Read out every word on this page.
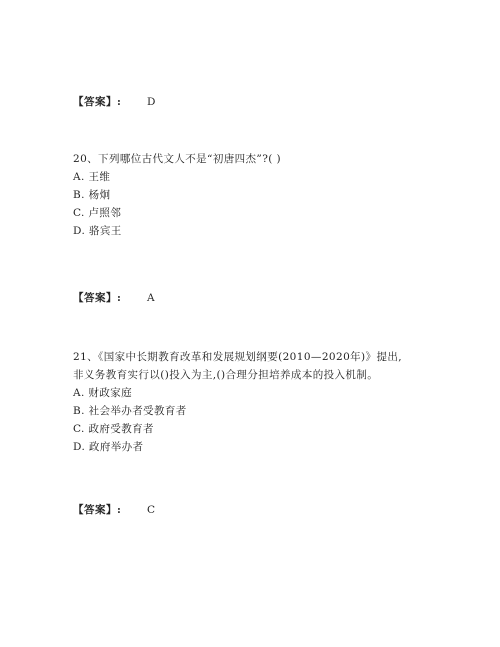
【答案】: D
20、下列哪位古代文人不是“初唐四杰”?( )
A. 王维
B. 杨炯
C. 卢照邻
D. 骆宾王
【答案】: A
21、《国家中长期教育改革和发展规划纲要(2010—2020年)》提出,
非义务教育实行以()投入为主,()合理分担培养成本的投入机制。
A. 财政家庭
B. 社会举办者受教育者
C. 政府受教育者
D. 政府举办者
【答案】: C
